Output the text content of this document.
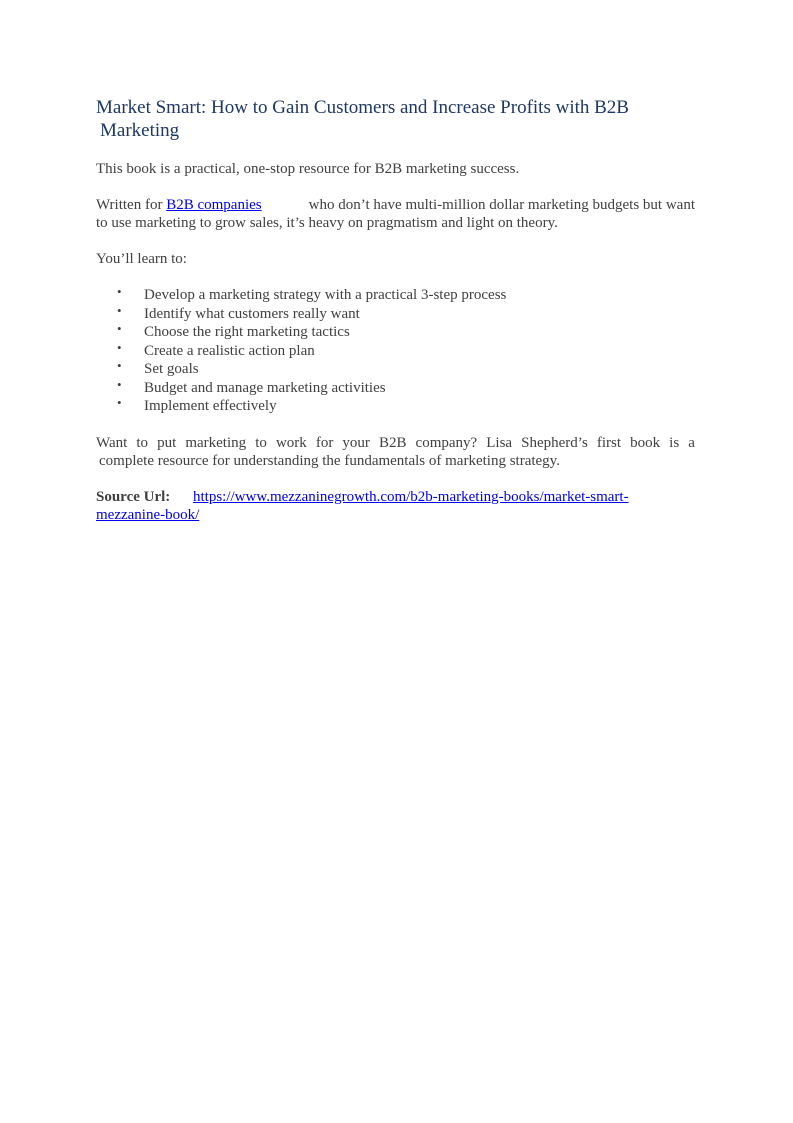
Market Smart: How to Gain Customers and Increase Profits with B2B
Marketing

This book is a practical, one-stop resource for B2B marketing success.

Written for B2B companies	who don’t have multi-million dollar marketing budgets but want
to use marketing to grow sales, it’s heavy on pragmatism and light on theory.

You’ll learn to:

• Develop a marketing strategy with a practical 3-step process
• Identify what customers really want
• Choose the right marketing tactics
• Create a realistic action plan
• Set goals
• Budget and manage marketing activities
• Implement effectively

Want to put marketing to work for your B2B company? Lisa Shepherd’s first book is a
complete resource for understanding the fundamentals of marketing strategy.

Source Url: https://www.mezzaninegrowth.com/b2b-marketing-books/market-smart-
mezzanine-book/
